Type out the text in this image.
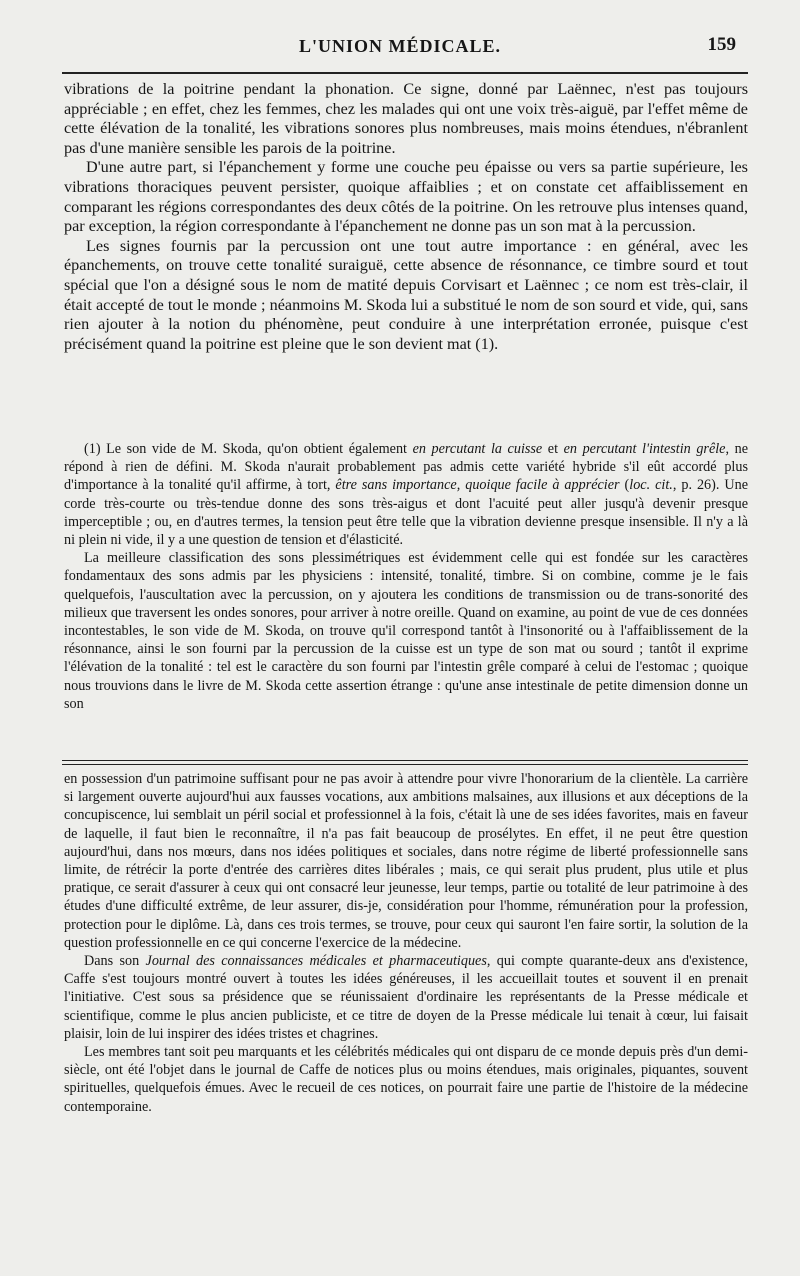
L'UNION MÉDICALE.	159

vibrations de la poitrine pendant la phonation. Ce signe, donné par Laënnec, n'est pas toujours appréciable ; en effet, chez les femmes, chez les malades qui ont une voix très-aiguë, par l'effet même de cette élévation de la tonalité, les vibrations sonores plus nombreuses, mais moins étendues, n'ébranlent pas d'une manière sensible les parois de la poitrine.

D'une autre part, si l'épanchement y forme une couche peu épaisse ou vers sa partie supérieure, les vibrations thoraciques peuvent persister, quoique affaiblies ; et on constate cet affaiblissement en comparant les régions correspondantes des deux côtés de la poitrine. On les retrouve plus intenses quand, par exception, la région correspondante à l'épanchement ne donne pas un son mat à la percussion.

Les signes fournis par la percussion ont une tout autre importance : en général, avec les épanchements, on trouve cette tonalité suraiguë, cette absence de résonnance, ce timbre sourd et tout spécial que l'on a désigné sous le nom de matité depuis Corvisart et Laënnec ; ce nom est très-clair, il était accepté de tout le monde ; néanmoins M. Skoda lui a substitué le nom de son sourd et vide, qui, sans rien ajouter à la notion du phénomène, peut conduire à une interprétation erronée, puisque c'est précisément quand la poitrine est pleine que le son devient mat (1).

(1) Le son vide de M. Skoda, qu'on obtient également en percutant la cuisse et en percutant l'intestin grêle, ne répond à rien de défini. M. Skoda n'aurait probablement pas admis cette variété hybride s'il eût accordé plus d'importance à la tonalité qu'il affirme, à tort, être sans importance, quoique facile à apprécier (loc. cit., p. 26). Une corde très-courte ou très-tendue donne des sons très-aigus et dont l'acuité peut aller jusqu'à devenir presque imperceptible ; ou, en d'autres termes, la tension peut être telle que la vibration devienne presque insensible. Il n'y a là ni plein ni vide, il y a une question de tension et d'élasticité.

La meilleure classification des sons plessimétriques est évidemment celle qui est fondée sur les caractères fondamentaux des sons admis par les physiciens : intensité, tonalité, timbre. Si on combine, comme je le fais quelquefois, l'auscultation avec la percussion, on y ajoutera les conditions de transmission ou de trans-sonorité des milieux que traversent les ondes sonores, pour arriver à notre oreille. Quand on examine, au point de vue de ces données incontestables, le son vide de M. Skoda, on trouve qu'il correspond tantôt à l'insonorité ou à l'affaiblissement de la résonnance, ainsi le son fourni par la percussion de la cuisse est un type de son mat ou sourd ; tantôt il exprime l'élévation de la tonalité : tel est le caractère du son fourni par l'intestin grêle comparé à celui de l'estomac ; quoique nous trouvions dans le livre de M. Skoda cette assertion étrange : qu'une anse intestinale de petite dimension donne un son

en possession d'un patrimoine suffisant pour ne pas avoir à attendre pour vivre l'honorarium de la clientèle. La carrière si largement ouverte aujourd'hui aux fausses vocations, aux ambitions malsaines, aux illusions et aux déceptions de la concupiscence, lui semblait un péril social et professionnel à la fois, c'était là une de ses idées favorites, mais en faveur de laquelle, il faut bien le reconnaître, il n'a pas fait beaucoup de prosélytes. En effet, il ne peut être question aujourd'hui, dans nos mœurs, dans nos idées politiques et sociales, dans notre régime de liberté professionnelle sans limite, de rétrécir la porte d'entrée des carrières dites libérales ; mais, ce qui serait plus prudent, plus utile et plus pratique, ce serait d'assurer à ceux qui ont consacré leur jeunesse, leur temps, partie ou totalité de leur patrimoine à des études d'une difficulté extrême, de leur assurer, dis-je, considération pour l'homme, rémunération pour la profession, protection pour le diplôme. Là, dans ces trois termes, se trouve, pour ceux qui sauront l'en faire sortir, la solution de la question professionnelle en ce qui concerne l'exercice de la médecine.

Dans son Journal des connaissances médicales et pharmaceutiques, qui compte quarante-deux ans d'existence, Caffe s'est toujours montré ouvert à toutes les idées généreuses, il les accueillait toutes et souvent il en prenait l'initiative. C'est sous sa présidence que se réunissaient d'ordinaire les représentants de la Presse médicale et scientifique, comme le plus ancien publiciste, et ce titre de doyen de la Presse médicale lui tenait à cœur, lui faisait plaisir, loin de lui inspirer des idées tristes et chagrines.

Les membres tant soit peu marquants et les célébrités médicales qui ont disparu de ce monde depuis près d'un demi-siècle, ont été l'objet dans le journal de Caffe de notices plus ou moins étendues, mais originales, piquantes, souvent spirituelles, quelquefois émues. Avec le recueil de ces notices, on pourrait faire une partie de l'histoire de la médecine contemporaine.
